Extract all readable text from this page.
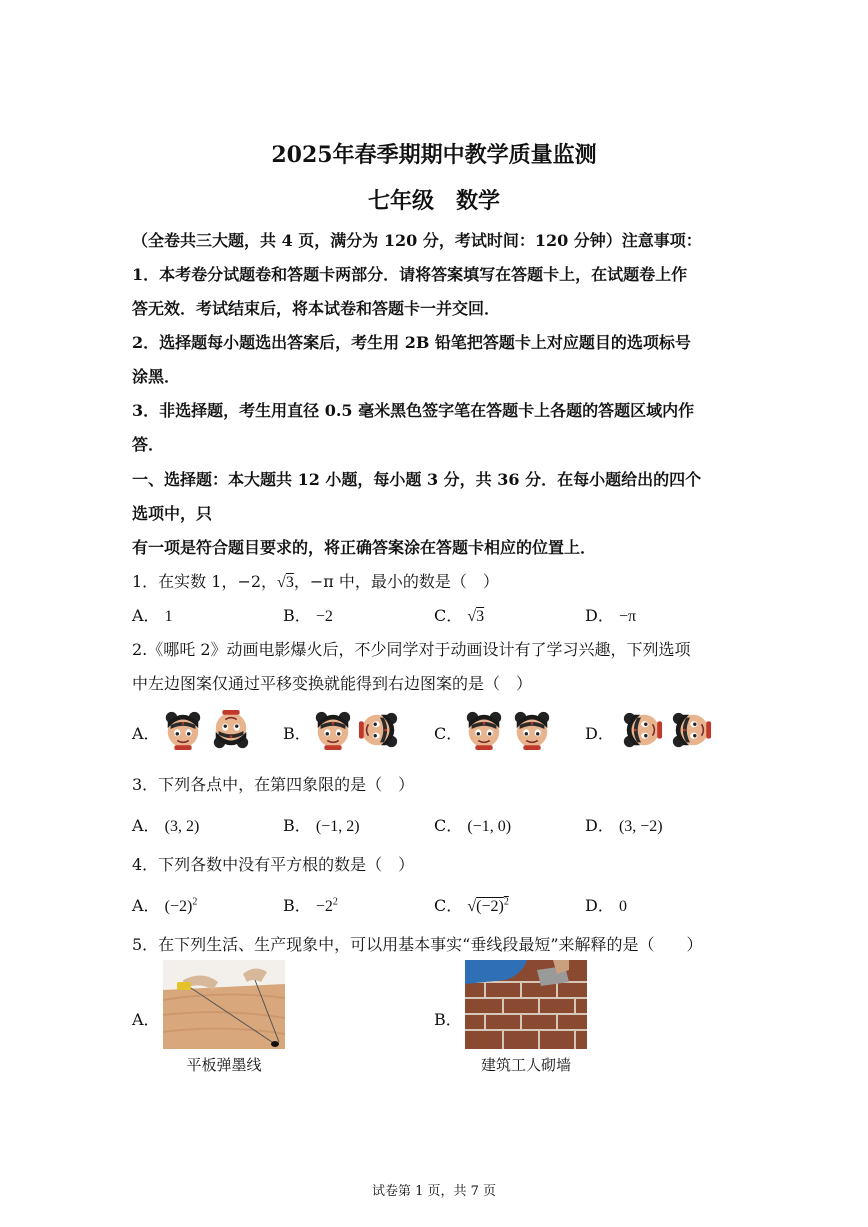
2025年春季期期中教学质量监测
七年级　数学
（全卷共三大题，共 4 页，满分为 120 分，考试时间：120 分钟）注意事项：
1．本考卷分试题卷和答题卡两部分．请将答案填写在答题卡上，在试题卷上作
答无效．考试结束后，将本试卷和答题卡一并交回．
2．选择题每小题选出答案后，考生用 2B 铅笔把答题卡上对应题目的选项标号
涂黑．
3．非选择题，考生用直径 0.5 毫米黑色签字笔在答题卡上各题的答题区域内作
答．
一、选择题：本大题共 12 小题，每小题 3 分，共 36 分．在每小题给出的四个
选项中，只
有一项是符合题目要求的，将正确答案涂在答题卡相应的位置上．
1．在实数 1，−2，√3，−π 中，最小的数是（　）
A． 1	B． −2	C． √3	D． −π
2.《哪吒 2》动画电影爆火后，不少同学对于动画设计有了学习兴趣，下列选项
中左边图案仅通过平移变换就能得到右边图案的是（　）
A．	B．	C．	D．
3．下列各点中，在第四象限的是（　）
A． (3, 2)	B． (−1, 2)	C． (−1, 0)	D． (3, −2)
4．下列各数中没有平方根的数是（　）
A． $(-2)^2$	B． $-2^2$	C． $√(-2)^2$	D． 0
5．在下列生活、生产现象中，可以用基本事实“垂线段最短”来解释的是（　　）
A．
平板弹墨线
B．
建筑工人砌墙
试卷第 1 页，共 7 页
